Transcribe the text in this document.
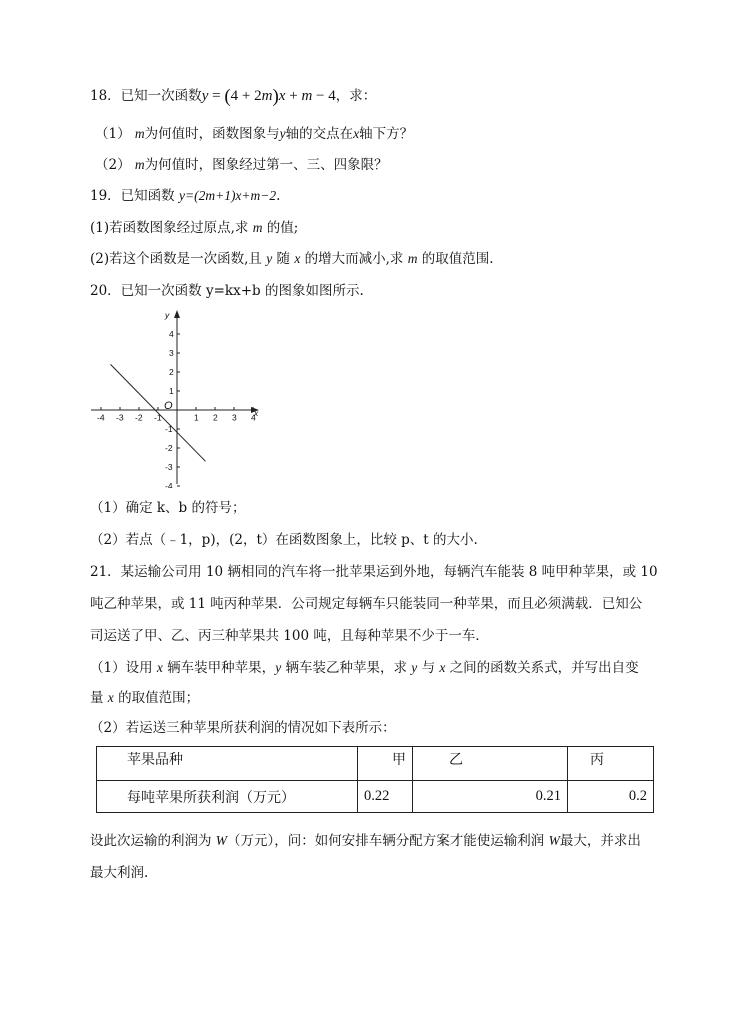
18．已知一次函数y = (4 + 2m)x + m − 4，求：
（1） m为何值时，函数图象与y轴的交点在x轴下方？
（2） m为何值时，图象经过第一、三、四象限？
19．已知函数 y=(2m+1)x+m−2.
(1)若函数图象经过原点,求 m 的值;
(2)若这个函数是一次函数,且 y 随 x 的增大而减小,求 m 的取值范围.
20．已知一次函数 y=kx+b 的图象如图所示.
-4 -3 -2 -1	1 2 3 4
4
3
2
1
-1
-2
-3
-4
x
y
O
（1）确定 k、b 的符号；
（2）若点（﹣1，p)，(2，t）在函数图象上，比较 p、t 的大小.
21．某运输公司用 10 辆相同的汽车将一批苹果运到外地，每辆汽车能装 8 吨甲种苹果，或 10
吨乙种苹果，或 11 吨丙种苹果．公司规定每辆车只能装同一种苹果，而且必须满载．已知公
司运送了甲、乙、丙三种苹果共 100 吨，且每种苹果不少于一车．
（1）设用 x 辆车装甲种苹果，y 辆车装乙种苹果，求 y 与 x 之间的函数关系式，并写出自变
量 x 的取值范围；
（2）若运送三种苹果所获利润的情况如下表所示：
苹果品种	甲	乙	丙
每吨苹果所获利润（万元）	0.22	0.21	0.2
设此次运输的利润为 W（万元），问：如何安排车辆分配方案才能使运输利润 W最大，并求出
最大利润.
